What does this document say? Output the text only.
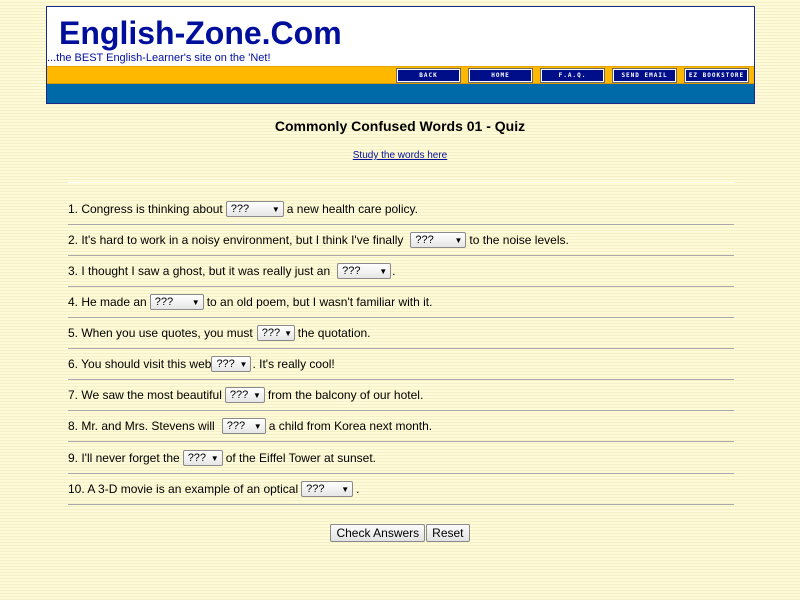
English-Zone.Com
...the BEST English-Learner's site on the 'Net!
BACK	HOME	F.A.Q.	SEND EMAIL	EZ BOOKSTORE
Commonly Confused Words 01 - Quiz
Study the words here
1. Congress is thinking about ???	▼ a new health care policy.
2. It's hard to work in a noisy environment, but I think I've finally ???	▼ to the noise levels.
3. I thought I saw a ghost, but it was really just an ??? ▼ .
4. He made an ??? ▼ to an old poem, but I wasn't familiar with it.
5. When you use quotes, you must ??? ▼ the quotation.
6. You should visit this web ??? ▼ . It's really cool!
7. We saw the most beautiful ??? ▼ from the balcony of our hotel.
8. Mr. and Mrs. Stevens will ??? ▼ a child from Korea next month.
9. I'll never forget the ??? ▼ of the Eiffel Tower at sunset.
10. A 3-D movie is an example of an optical ??? ▼ .
Check Answers	Reset
